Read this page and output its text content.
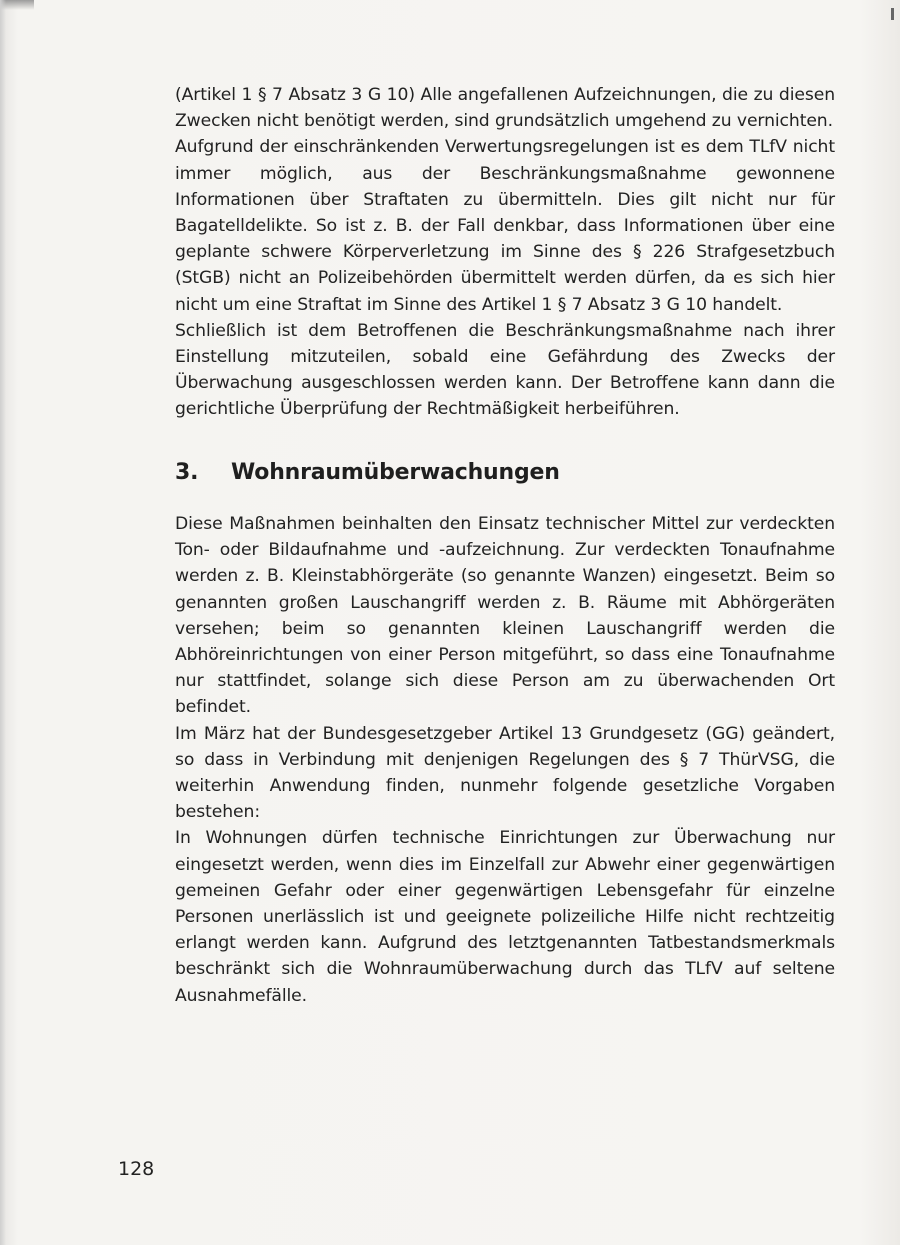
(Artikel 1 § 7 Absatz 3 G 10) Alle angefallenen Aufzeichnungen, die zu diesen Zwecken nicht benötigt werden, sind grundsätzlich umgehend zu vernichten.

Aufgrund der einschränkenden Verwertungsregelungen ist es dem TLfV nicht immer möglich, aus der Beschränkungsmaßnahme gewonnene Informationen über Straftaten zu übermitteln. Dies gilt nicht nur für Bagatelldelikte. So ist z. B. der Fall denkbar, dass Informationen über eine geplante schwere Körperverletzung im Sinne des § 226 Strafgesetzbuch (StGB) nicht an Polizeibehörden übermittelt werden dürfen, da es sich hier nicht um eine Straftat im Sinne des Artikel 1 § 7 Absatz 3 G 10 handelt.

Schließlich ist dem Betroffenen die Beschränkungsmaßnahme nach ihrer Einstellung mitzuteilen, sobald eine Gefährdung des Zwecks der Überwachung ausgeschlossen werden kann. Der Betroffene kann dann die gerichtliche Überprüfung der Rechtmäßigkeit herbeiführen.

3. Wohnraumüberwachungen

Diese Maßnahmen beinhalten den Einsatz technischer Mittel zur verdeckten Ton- oder Bildaufnahme und -aufzeichnung. Zur verdeckten Tonaufnahme werden z. B. Kleinstabhörgeräte (so genannte Wanzen) eingesetzt. Beim so genannten großen Lauschangriff werden z. B. Räume mit Abhörgeräten versehen; beim so genannten kleinen Lauschangriff werden die Abhöreinrichtungen von einer Person mitgeführt, so dass eine Tonaufnahme nur stattfindet, solange sich diese Person am zu überwachenden Ort befindet.

Im März hat der Bundesgesetzgeber Artikel 13 Grundgesetz (GG) geändert, so dass in Verbindung mit denjenigen Regelungen des § 7 ThürVSG, die weiterhin Anwendung finden, nunmehr folgende gesetzliche Vorgaben bestehen:

In Wohnungen dürfen technische Einrichtungen zur Überwachung nur eingesetzt werden, wenn dies im Einzelfall zur Abwehr einer gegenwärtigen gemeinen Gefahr oder einer gegenwärtigen Lebensgefahr für einzelne Personen unerlässlich ist und geeignete polizeiliche Hilfe nicht rechtzeitig erlangt werden kann. Aufgrund des letztgenannten Tatbestandsmerkmals beschränkt sich die Wohnraumüberwachung durch das TLfV auf seltene Ausnahmefälle.

128
